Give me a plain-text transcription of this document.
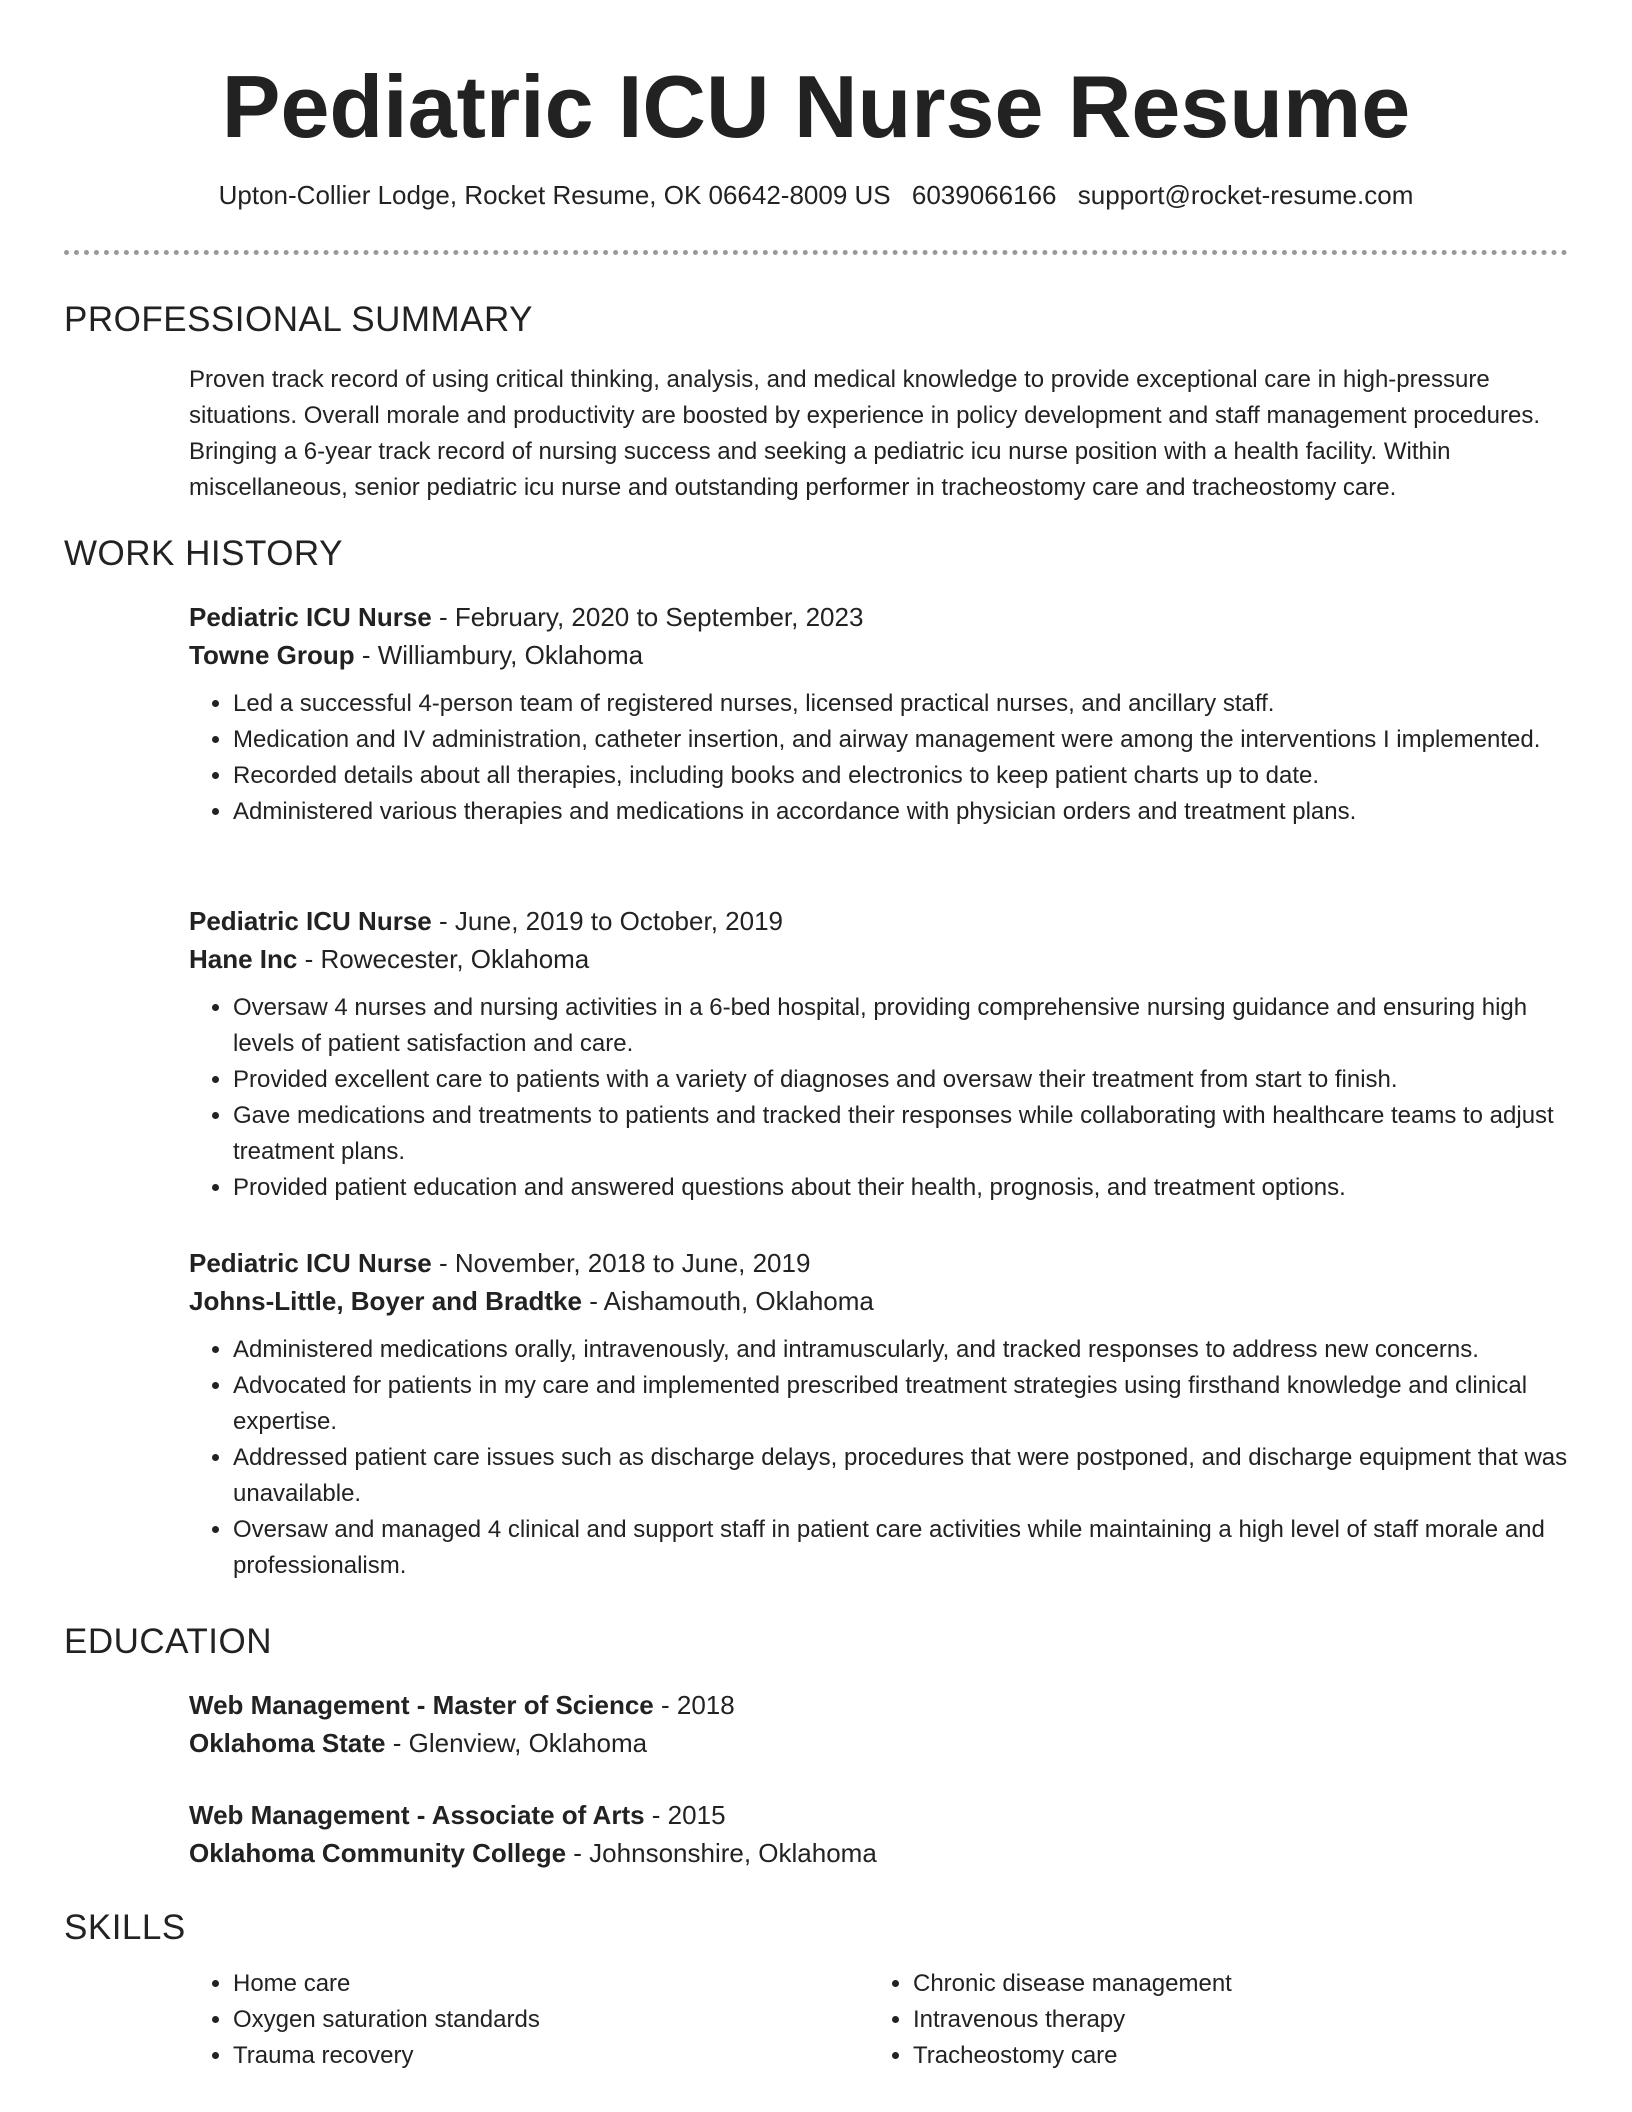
Pediatric ICU Nurse Resume
Upton-Collier Lodge, Rocket Resume, OK 06642-8009 US 6039066166 support@rocket-resume.com
PROFESSIONAL SUMMARY

Proven track record of using critical thinking, analysis, and medical knowledge to provide exceptional care in high-pressure situations. Overall morale and productivity are boosted by experience in policy development and staff management procedures. Bringing a 6-year track record of nursing success and seeking a pediatric icu nurse position with a health facility. Within miscellaneous, senior pediatric icu nurse and outstanding performer in tracheostomy care and tracheostomy care.

WORK HISTORY

Pediatric ICU Nurse - February, 2020 to September, 2023

Towne Group - Williambury, Oklahoma

• Led a successful 4-person team of registered nurses, licensed practical nurses, and ancillary staff.
• Medication and IV administration, catheter insertion, and airway management were among the interventions I implemented.
• Recorded details about all therapies, including books and electronics to keep patient charts up to date.
• Administered various therapies and medications in accordance with physician orders and treatment plans.

Pediatric ICU Nurse - June, 2019 to October, 2019

Hane Inc - Rowecester, Oklahoma

• Oversaw 4 nurses and nursing activities in a 6-bed hospital, providing comprehensive nursing guidance and ensuring high levels of patient satisfaction and care.
• Provided excellent care to patients with a variety of diagnoses and oversaw their treatment from start to finish.
• Gave medications and treatments to patients and tracked their responses while collaborating with healthcare teams to adjust treatment plans.
• Provided patient education and answered questions about their health, prognosis, and treatment options.

Pediatric ICU Nurse - November, 2018 to June, 2019

Johns-Little, Boyer and Bradtke - Aishamouth, Oklahoma

• Administered medications orally, intravenously, and intramuscularly, and tracked responses to address new concerns.
• Advocated for patients in my care and implemented prescribed treatment strategies using firsthand knowledge and clinical expertise.
• Addressed patient care issues such as discharge delays, procedures that were postponed, and discharge equipment that was unavailable.
• Oversaw and managed 4 clinical and support staff in patient care activities while maintaining a high level of staff morale and professionalism.
EDUCATION

Web Management - Master of Science - 2018

Oklahoma State - Glenview, Oklahoma

Web Management - Associate of Arts - 2015

Oklahoma Community College - Johnsonshire, Oklahoma

SKILLS
• Home care
• Oxygen saturation standards
• Trauma recovery
• Chronic disease management
• Intravenous therapy
• Tracheostomy care
